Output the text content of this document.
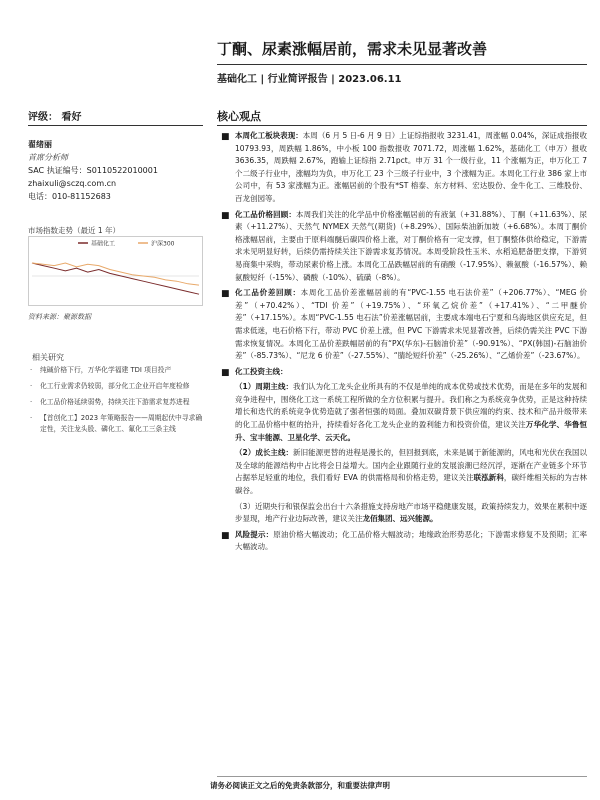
丁酮、尿素涨幅居前，需求未见显著改善
基础化工 | 行业简评报告 | 2023.06.11
评级： 看好	核心观点
翟绪丽
首席分析师
SAC 执证编号：S0110522010001
zhaixuli@sczq.com.cn
电话：010-81152683
市场指数走势（最近 1 年）
基础化工	沪深300
资料来源：聚源数据
相关研究
· 纯碱价格下行，万华化学福建 TDI 项目投产
· 化工行业需求仍较弱，部分化工企业开启年度检修
· 化工品价格延续弱势，持续关注下游需求复苏进程
· 【首创化工】2023 年策略报告——周期起伏中寻求确定性，关注龙头股、磷化工、氟化工三条主线
■ 本周化工板块表现：本周（6 月 5 日-6 月 9 日）上证综指报收 3231.41，周涨幅 0.04%，深证成指报收 10793.93，周跌幅 1.86%，中小板 100 指数报收 7071.72，周涨幅 1.62%，基础化工（申万）报收 3636.35，周跌幅 2.67%，跑输上证综指 2.71pct。申万 31 个一级行业，11 个涨幅为正，申万化工 7 个二级子行业中，涨幅均为负，申万化工 23 个三级子行业中，3 个涨幅为正。本周化工行业 386 家上市公司中，有 53 家涨幅为正。涨幅居前的个股有*ST 榕泰、东方材料、宏达股份、金牛化工、三维股份、百龙创园等。
■ 化工品价格回顾：本周我们关注的化学品中价格涨幅居前的有液氯（+31.88%）、丁酮（+11.63%）、尿素（+11.27%）、天然气 NYMEX 天然气(期货)（+8.29%）、国际柴油新加坡（+6.68%）。本周丁酮价格涨幅居前，主要由于原料端醚后碳四价格上涨，对丁酮价格有一定支撑，但丁酮整体供给稳定，下游需求未见明显好转，后续仍需持续关注下游需求复苏情况。本周受阶段性玉米、水稻追肥备肥支撑，下游贸易商集中采购，带动尿素价格上涨。本周化工品跌幅居前的有硝酸（-17.95%）、赖氨酸（-16.57%）、赖氨酸短纤（-15%）、磷酸（-10%）、硫磺（-8%）。
■ 化工品价差回顾：本周化工品价差涨幅居前的有“PVC-1.55 电石法价差”（+206.77%）、“MEG 价差”（+70.42%）、“TDI 价差”（+19.75%）、“环氧乙烷价差”（+17.41%）、“二甲醚价差”（+17.15%）。本周“PVC-1.55 电石法”价差涨幅居前，主要成本端电石宁夏和乌海地区供应充足，但需求低迷，电石价格下行，带动 PVC 价差上涨，但 PVC 下游需求未见显著改善，后续仍需关注 PVC 下游需求恢复情况。本周化工品价差跌幅居前的有“PX(华东)-石脑油价差”（-90.91%）、“PX(韩国)-石脑油价差”（-85.73%）、“尼龙 6 价差”（-27.55%）、“腈纶短纤价差”（-25.26%）、“乙烯价差”（-23.67%）。
■ 化工投资主线：
（1）周期主线：我们认为化工龙头企业所具有的不仅是单纯的成本优势或技术优势，而是在多年的发展和竞争进程中，围绕化工这一系统工程所做的全方位积累与提升。我们称之为系统竞争优势，正是这种持续增长和迭代的系统竞争优势造就了强者恒强的局面。叠加双碳背景下供应端的约束、技术和产品升级带来的化工品价格中枢的抬升，持续看好各化工龙头企业的盈利能力和投资价值，建议关注万华化学、华鲁恒升、宝丰能源、卫星化学、云天化。
（2）成长主线：新旧能源更替的进程是漫长的，但回报到底，未来是属于新能源的，风电和光伏在我国以及全球的能源结构中占比将会日益增大。国内企业跟随行业的发展浪潮已经沉浮，逐渐在产业链多个环节占据举足轻重的地位，我们看好 EVA 的供需格局和价格走势，建议关注联泓新科，碳纤维相关标的为吉林碳谷。
（3）近期央行和银保监会出台十六条措施支持房地产市场平稳健康发展，政策持续发力，效果在累积中逐步显现，地产行业边际改善，建议关注龙佰集团、远兴能源。
■ 风险提示：原油价格大幅波动；化工品价格大幅波动；地缘政治形势恶化；下游需求修复不及预期；汇率大幅波动。
请务必阅读正文之后的免责条款部分，和重要法律声明
